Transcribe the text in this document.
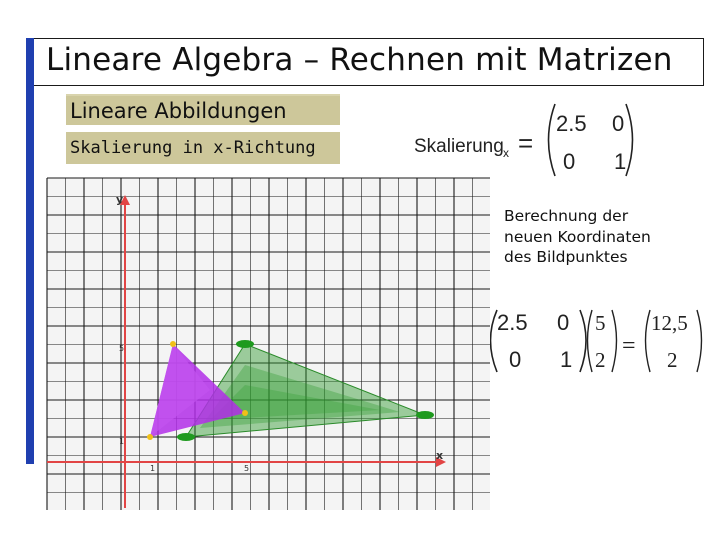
Lineare Algebra – Rechnen mit Matrizen
Lineare Abbildungen
Skalierung in x-Richtung
Berechnung der
neuen Koordinaten
des Bildpunktes
Skalierung x =
2.5 0
0 1
2.5 0
0 1
5
2
=
12,5
2
x
y
1	5
1
5
